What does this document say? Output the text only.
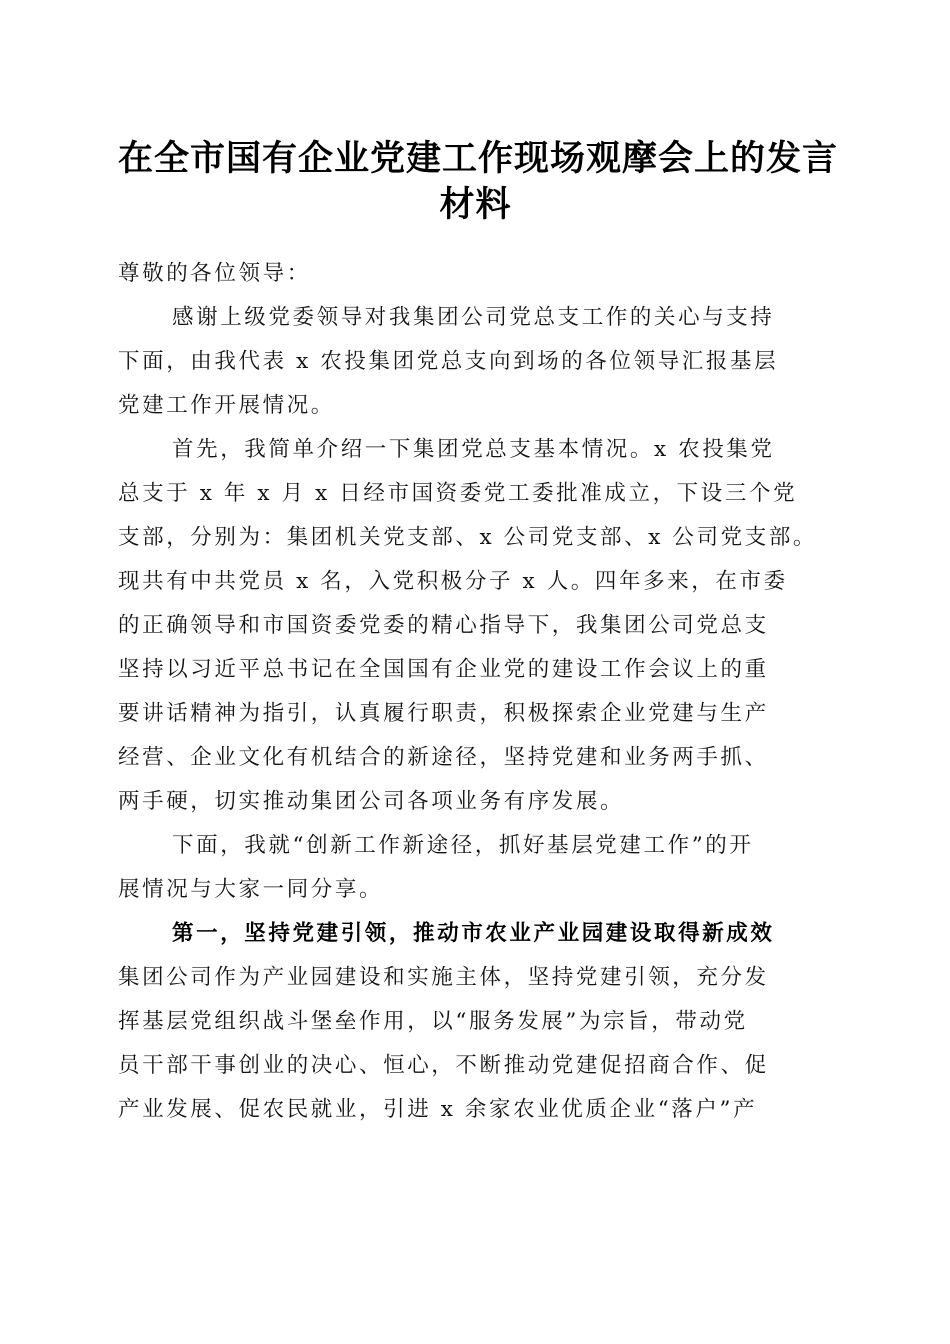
在全市国有企业党建工作现场观摩会上的发言
材料
尊敬的各位领导：
感谢上级党委领导对我集团公司党总支工作的关心与支持
下面，由我代表 x 农投集团党总支向到场的各位领导汇报基层
党建工作开展情况。
首先，我简单介绍一下集团党总支基本情况。x 农投集党
总支于 x 年 x 月 x 日经市国资委党工委批准成立，下设三个党
支部，分别为：集团机关党支部、x 公司党支部、x 公司党支部。
现共有中共党员 x 名，入党积极分子 x 人。四年多来，在市委
的正确领导和市国资委党委的精心指导下，我集团公司党总支
坚持以习近平总书记在全国国有企业党的建设工作会议上的重
要讲话精神为指引，认真履行职责，积极探索企业党建与生产
经营、企业文化有机结合的新途径，坚持党建和业务两手抓、
两手硬，切实推动集团公司各项业务有序发展。
下面，我就“创新工作新途径，抓好基层党建工作”的开
展情况与大家一同分享。
第一，坚持党建引领，推动市农业产业园建设取得新成效
集团公司作为产业园建设和实施主体，坚持党建引领，充分发
挥基层党组织战斗堡垒作用，以“服务发展”为宗旨，带动党
员干部干事创业的决心、恒心，不断推动党建促招商合作、促
产业发展、促农民就业，引进 x 余家农业优质企业“落户”产
